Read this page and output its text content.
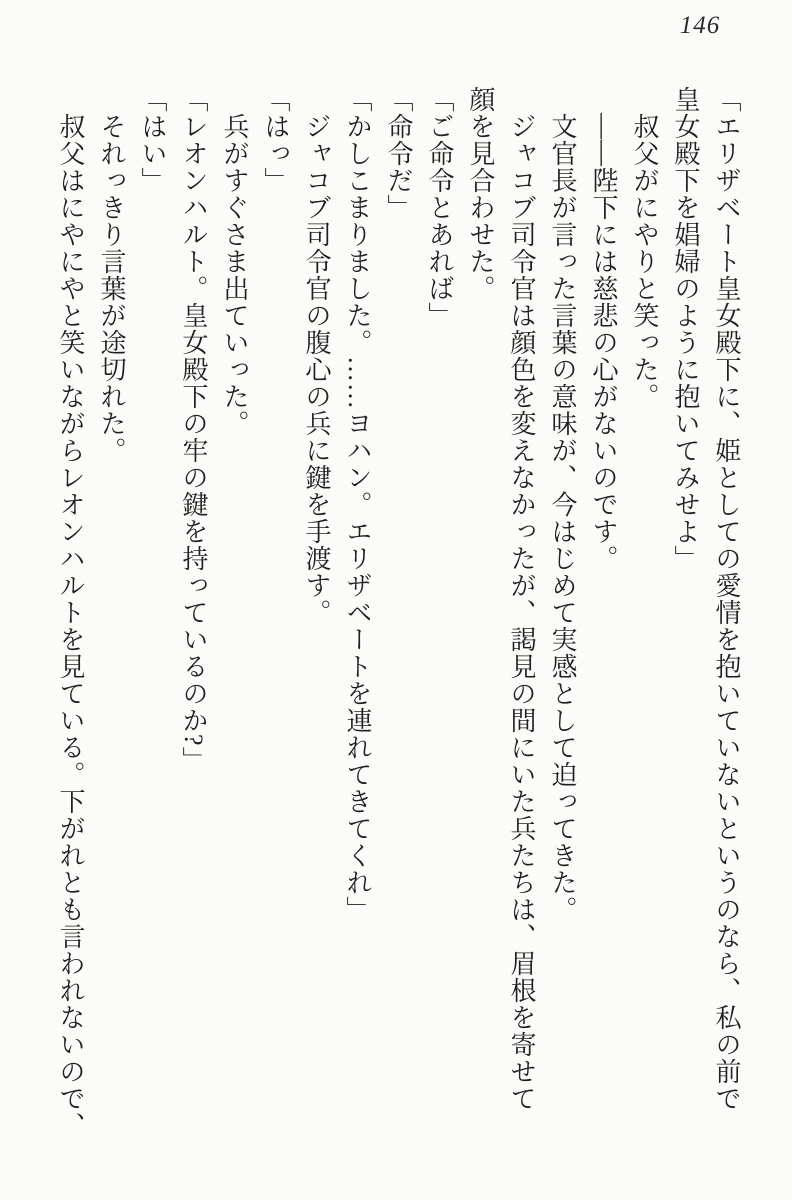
146

「エリザベート皇女殿下に、姫としての愛情を抱いていないというのなら、私の前で

皇女殿下を娼婦のように抱いてみせよ」

　叔父がにやりと笑った。

　――陛下には慈悲の心がないのです。

　文官長が言った言葉の意味が、今はじめて実感として迫ってきた。

　ジャコブ司令官は顔色を変えなかったが、謁見の間にいた兵たちは、眉根を寄せて

顔を見合わせた。

「ご命令とあれば」

「命令だ」

「かしこまりました。……ヨハン。エリザベートを連れてきてくれ」

　ジャコブ司令官の腹心の兵に鍵を手渡す。

「はっ」

　兵がすぐさま出ていった。

「レオンハルト。皇女殿下の牢の鍵を持っているのか?」

「はい」

　それっきり言葉が途切れた。

　叔父はにやにやと笑いながらレオンハルトを見ている。下がれとも言われないので、
